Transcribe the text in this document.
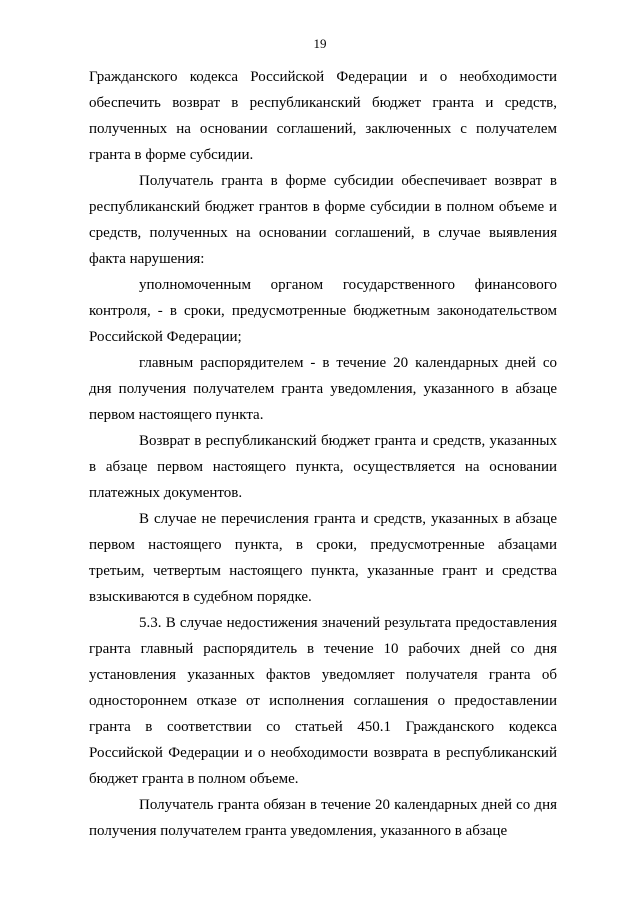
19
Гражданского кодекса Российской Федерации и о необходимости
обеспечить возврат в республиканский бюджет гранта и средств,
полученных на основании соглашений, заключенных с получателем
гранта в форме субсидии.
Получатель гранта в форме субсидии обеспечивает возврат в
республиканский бюджет грантов в форме субсидии в полном объеме и
средств, полученных на основании соглашений, в случае выявления
факта нарушения:
уполномоченным органом государственного финансового
контроля, - в сроки, предусмотренные бюджетным законодательством
Российской Федерации;
главным распорядителем - в течение 20 календарных дней со
дня получения получателем гранта уведомления, указанного в абзаце
первом настоящего пункта.
Возврат в республиканский бюджет гранта и средств, указанных
в абзаце первом настоящего пункта, осуществляется на основании
платежных документов.
В случае не перечисления гранта и средств, указанных в абзаце
первом настоящего пункта, в сроки, предусмотренные абзацами
третьим, четвертым настоящего пункта, указанные грант и средства
взыскиваются в судебном порядке.
5.3. В случае недостижения значений результата предоставления
гранта главный распорядитель в течение 10 рабочих дней со дня
установления указанных фактов уведомляет получателя гранта об
одностороннем отказе от исполнения соглашения о предоставлении
гранта в соответствии со статьей 450.1 Гражданского кодекса
Российской Федерации и о необходимости возврата в республиканский
бюджет гранта в полном объеме.
Получатель гранта обязан в течение 20 календарных дней со дня
получения получателем гранта уведомления, указанного в абзаце
